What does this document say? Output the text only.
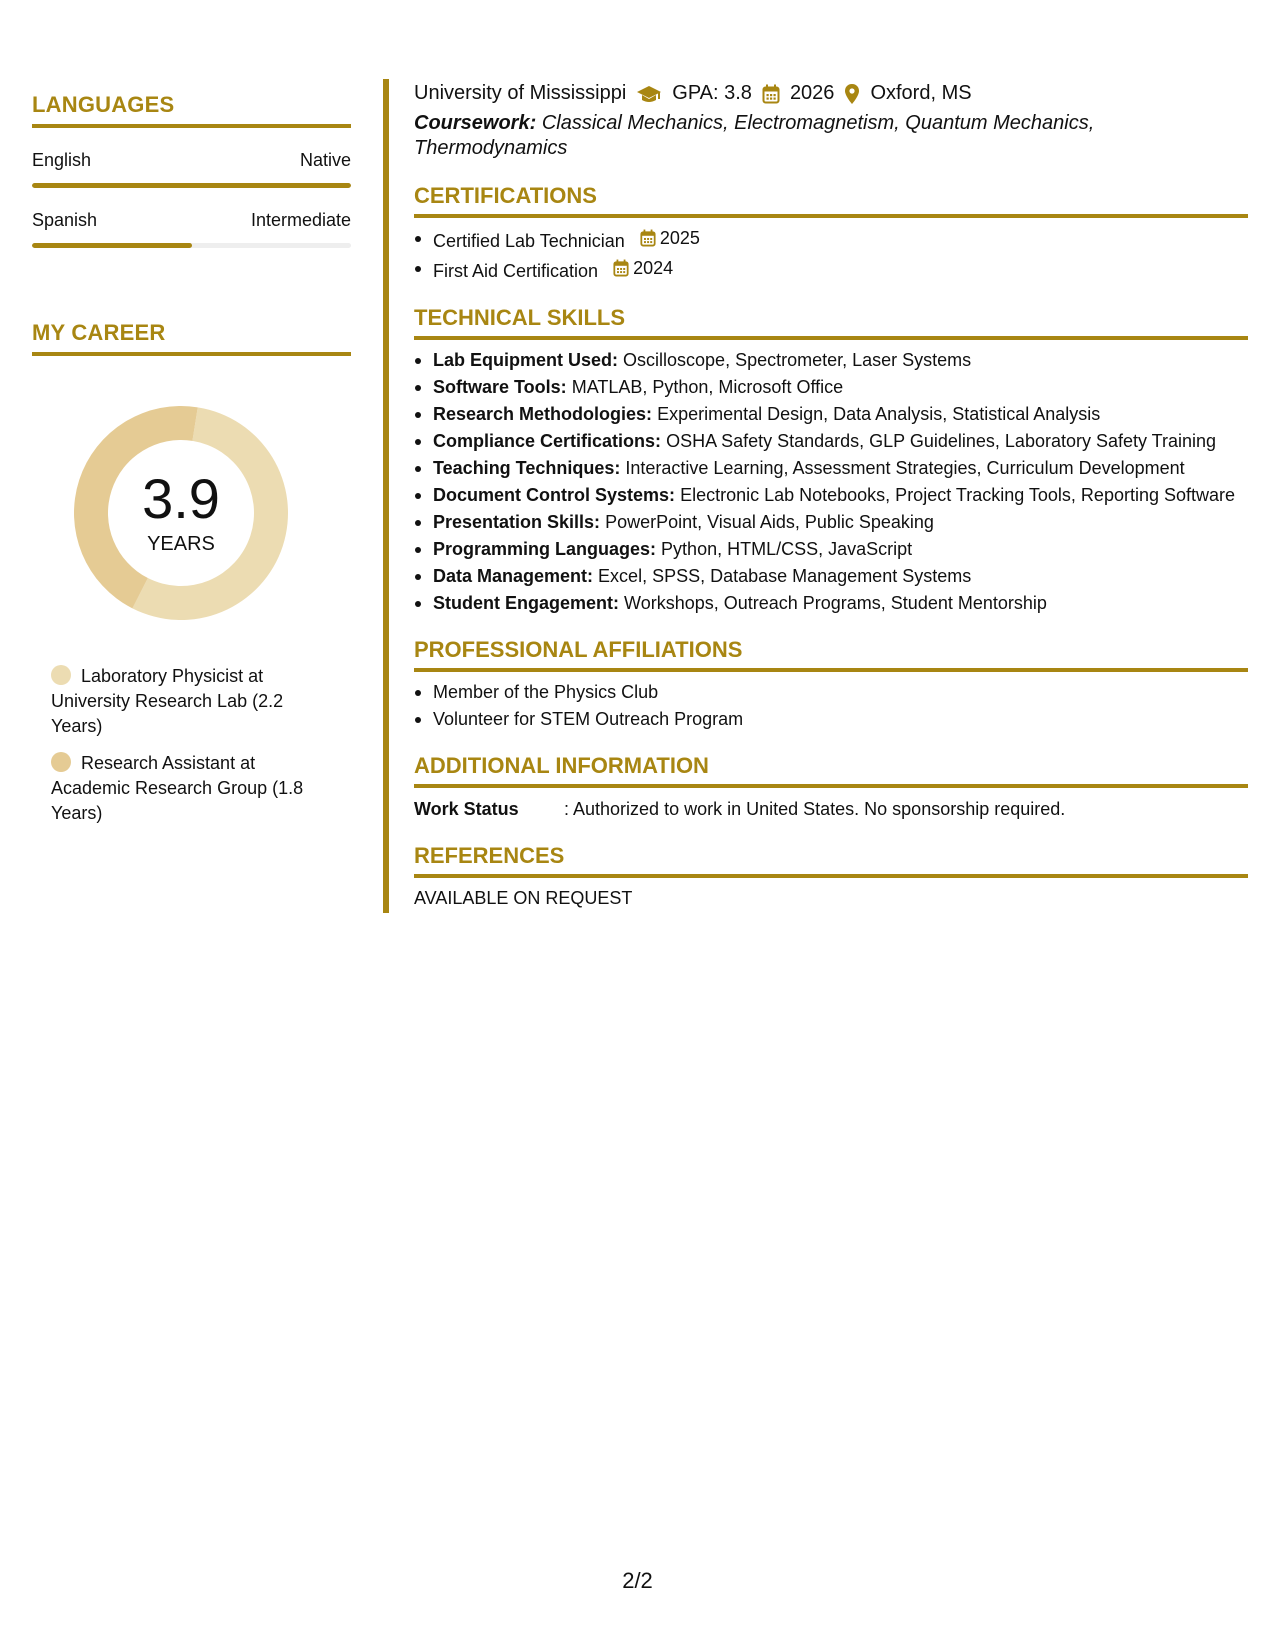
LANGUAGES
English	Native
Spanish	Intermediate
MY CAREER
3.9
YEARS
Laboratory Physicist at University Research Lab (2.2 Years)
Research Assistant at Academic Research Group (1.8 Years)
University of Mississippi GPA: 3.8 2026 Oxford, MS
Coursework: Classical Mechanics, Electromagnetism, Quantum Mechanics, Thermodynamics
CERTIFICATIONS
Certified Lab Technician 2025
First Aid Certification 2024
TECHNICAL SKILLS
Lab Equipment Used: Oscilloscope, Spectrometer, Laser Systems
Software Tools: MATLAB, Python, Microsoft Office
Research Methodologies: Experimental Design, Data Analysis, Statistical Analysis
Compliance Certifications: OSHA Safety Standards, GLP Guidelines, Laboratory Safety Training
Teaching Techniques: Interactive Learning, Assessment Strategies, Curriculum Development
Document Control Systems: Electronic Lab Notebooks, Project Tracking Tools, Reporting Software
Presentation Skills: PowerPoint, Visual Aids, Public Speaking
Programming Languages: Python, HTML/CSS, JavaScript
Data Management: Excel, SPSS, Database Management Systems
Student Engagement: Workshops, Outreach Programs, Student Mentorship
PROFESSIONAL AFFILIATIONS
Member of the Physics Club
Volunteer for STEM Outreach Program
ADDITIONAL INFORMATION
Work Status	: Authorized to work in United States. No sponsorship required.
REFERENCES
AVAILABLE ON REQUEST
2/2
